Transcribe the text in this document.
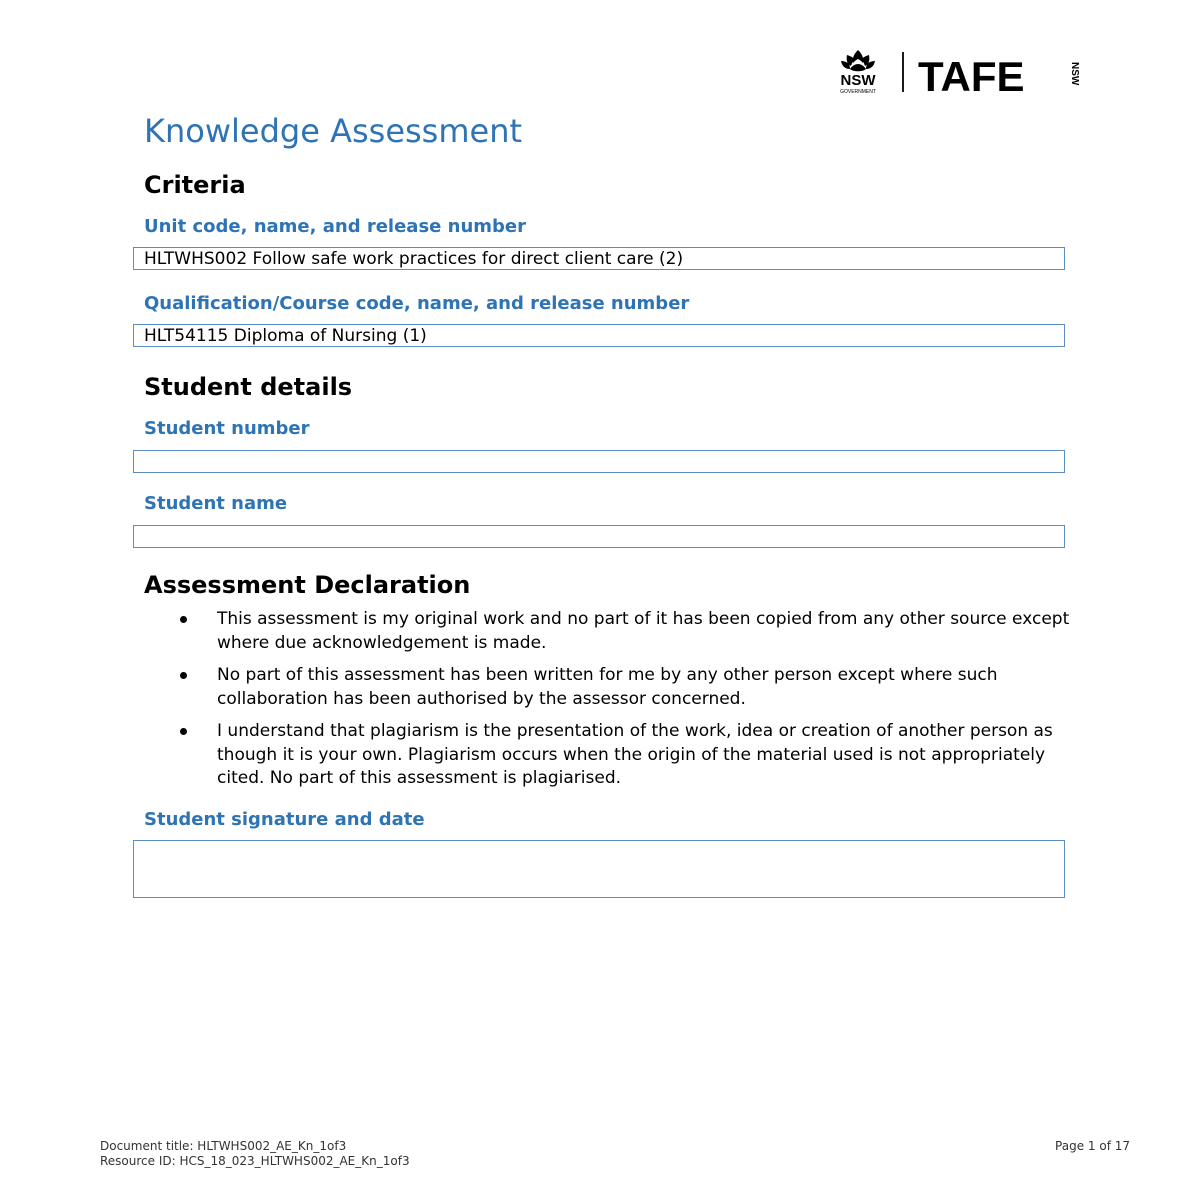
NSW
GOVERNMENT TAFE	NSW
Knowledge Assessment
Criteria
Unit code, name, and release number
HLTWHS002 Follow safe work practices for direct client care (2)
Qualification/Course code, name, and release number
HLT54115 Diploma of Nursing (1)
Student details
Student number
Student name
Assessment Declaration
This assessment is my original work and no part of it has been copied from any other source except where due acknowledgement is made.
No part of this assessment has been written for me by any other person except where such collaboration has been authorised by the assessor concerned.
I understand that plagiarism is the presentation of the work, idea or creation of another person as though it is your own. Plagiarism occurs when the origin of the material used is not appropriately cited. No part of this assessment is plagiarised.
Student signature and date
Document title: HLTWHS002_AE_Kn_1of3
Resource ID: HCS_18_023_HLTWHS002_AE_Kn_1of3
Page 1 of 17
